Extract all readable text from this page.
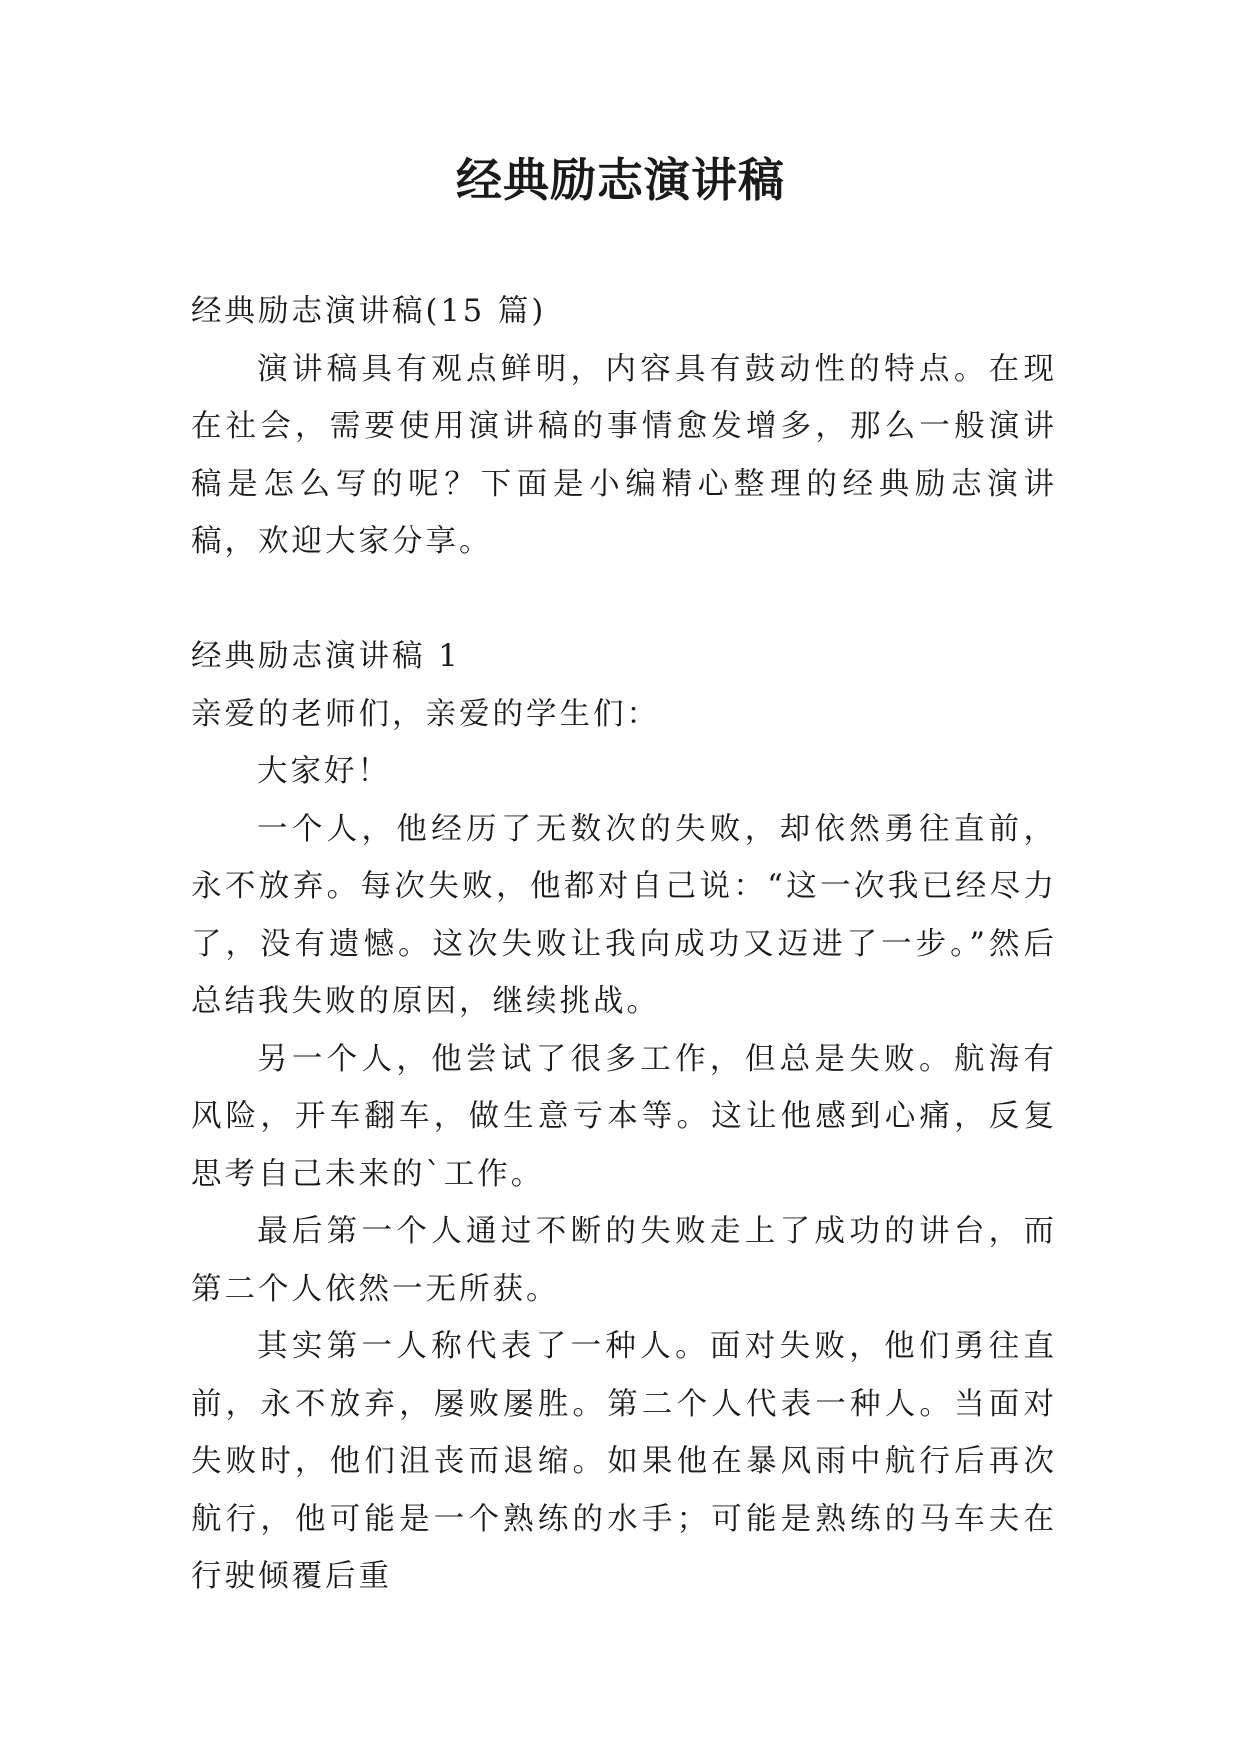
经典励志演讲稿

经典励志演讲稿(15 篇)

演讲稿具有观点鲜明，内容具有鼓动性的特点。在现在社会，需要使用演讲稿的事情愈发增多，那么一般演讲稿是怎么写的呢？下面是小编精心整理的经典励志演讲稿，欢迎大家分享。

经典励志演讲稿 1

亲爱的老师们，亲爱的学生们：

大家好！

一个人，他经历了无数次的失败，却依然勇往直前，永不放弃。每次失败，他都对自己说：“这一次我已经尽力了，没有遗憾。这次失败让我向成功又迈进了一步。”然后总结我失败的原因，继续挑战。

另一个人，他尝试了很多工作，但总是失败。航海有风险，开车翻车，做生意亏本等。这让他感到心痛，反复思考自己未来的`工作。

最后第一个人通过不断的失败走上了成功的讲台，而第二个人依然一无所获。

其实第一人称代表了一种人。面对失败，他们勇往直前，永不放弃，屡败屡胜。第二个人代表一种人。当面对失败时，他们沮丧而退缩。如果他在暴风雨中航行后再次航行，他可能是一个熟练的水手；可能是熟练的马车夫在行驶倾覆后重
